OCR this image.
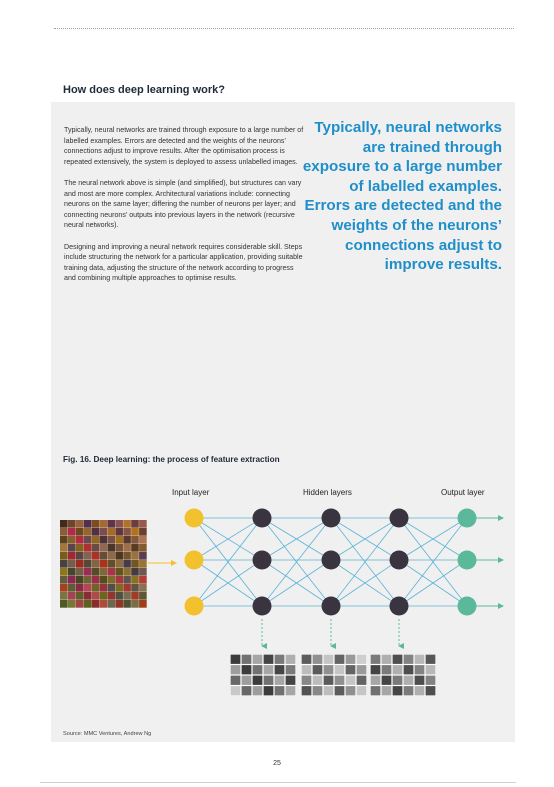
How does deep learning work?

Typically, neural networks are trained through exposure to a large number of labelled examples. Errors are detected and the weights of the neurons’ connections adjust to improve results. After the optimisation process is repeated extensively, the system is deployed to assess unlabelled images.

The neural network above is simple (and simplified), but structures can vary and most are more complex. Architectural variations include: connecting neurons on the same layer; differing the number of neurons per layer; and connecting neurons’ outputs into previous layers in the network (recursive neural networks).

Designing and improving a neural network requires considerable skill. Steps include structuring the network for a particular application, providing suitable training data, adjusting the structure of the network according to progress and combining multiple approaches to optimise results.

Typically, neural networks are trained through exposure to a large number of labelled examples. Errors are detected and the weights of the neurons’ connections adjust to improve results.
Fig. 16. Deep learning: the process of feature extraction
Input layer	Hidden layers	Output layer
Source: MMC Ventures, Andrew Ng
25
